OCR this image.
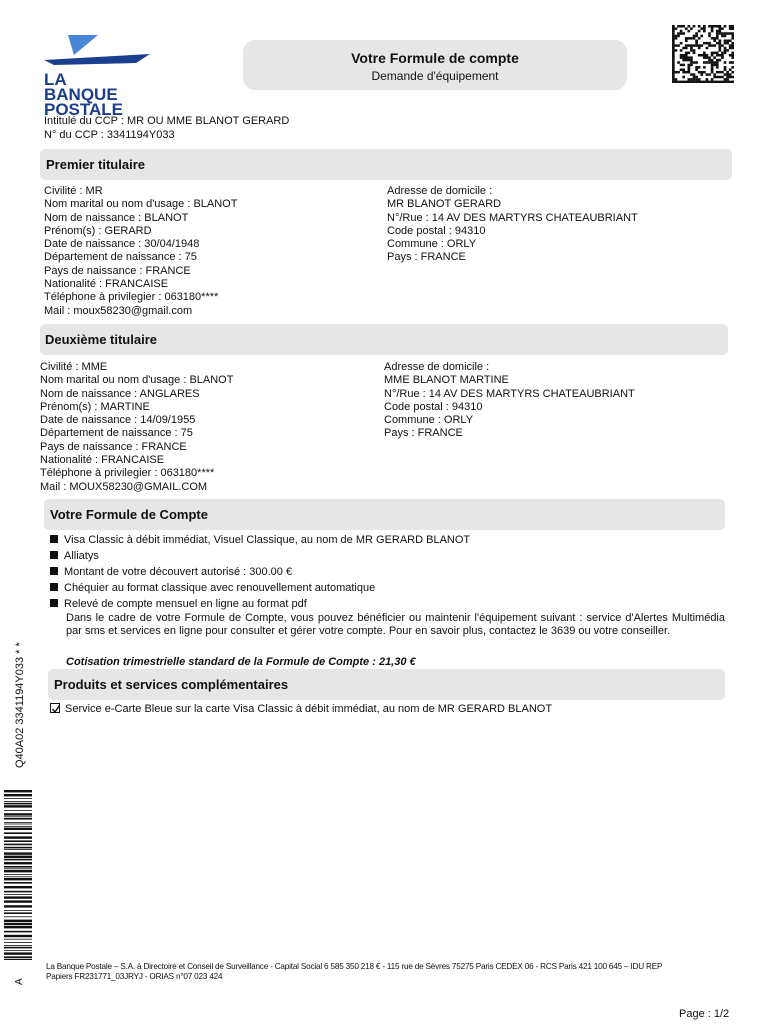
LA
BANQUE
POSTALE
Votre Formule de compte
Demande d'équipement
Intitulé du CCP : MR OU MME BLANOT GERARD
N° du CCP : 3341194Y033
Premier titulaire
Civilité : MR
Nom marital ou nom d'usage : BLANOT
Nom de naissance : BLANOT
Prénom(s) : GERARD
Date de naissance : 30/04/1948
Département de naissance : 75
Pays de naissance : FRANCE
Nationalité : FRANCAISE
Téléphone à privilegier : 063180****
Mail : moux58230@gmail.com
Adresse de domicile :
MR BLANOT GERARD
N°/Rue : 14 AV DES MARTYRS CHATEAUBRIANT
Code postal : 94310
Commune : ORLY
Pays : FRANCE
Deuxième titulaire
Civilité : MME
Nom marital ou nom d'usage : BLANOT
Nom de naissance : ANGLARES
Prénom(s) : MARTINE
Date de naissance : 14/09/1955
Département de naissance : 75
Pays de naissance : FRANCE
Nationalité : FRANCAISE
Téléphone à privilegier : 063180****
Mail : MOUX58230@GMAIL.COM
Adresse de domicile :
MME BLANOT MARTINE
N°/Rue : 14 AV DES MARTYRS CHATEAUBRIANT
Code postal : 94310
Commune : ORLY
Pays : FRANCE
Votre Formule de Compte
Visa Classic à débit immédiat, Visuel Classique, au nom de MR GERARD BLANOT
Alliatys
Montant de votre découvert autorisé : 300.00 €
Chéquier au format classique avec renouvellement automatique
Relevé de compte mensuel en ligne au format pdf
Dans le cadre de votre Formule de Compte, vous pouvez bénéficier ou maintenir l'équipement suivant : service d'Alertes Multimédia par sms et services en ligne pour consulter et gérer votre compte. Pour en savoir plus, contactez le 3639 ou votre conseiller.
Cotisation trimestrielle standard de la Formule de Compte : 21,30 €
Produits et services complémentaires
Service e-Carte Bleue sur la carte Visa Classic à débit immédiat, au nom de MR GERARD BLANOT
Q40A02 3341194Y033 * *
A
La Banque Postale – S.A. à Directoire et Conseil de Surveillance - Capital Social 6 585 350 218 € - 115 rue de Sèvres 75275 Paris CEDEX 06 - RCS Paris 421 100 645 – IDU REP
Papiers FR231771_03JRYJ - ORIAS n°07 023 424
Page : 1/2
